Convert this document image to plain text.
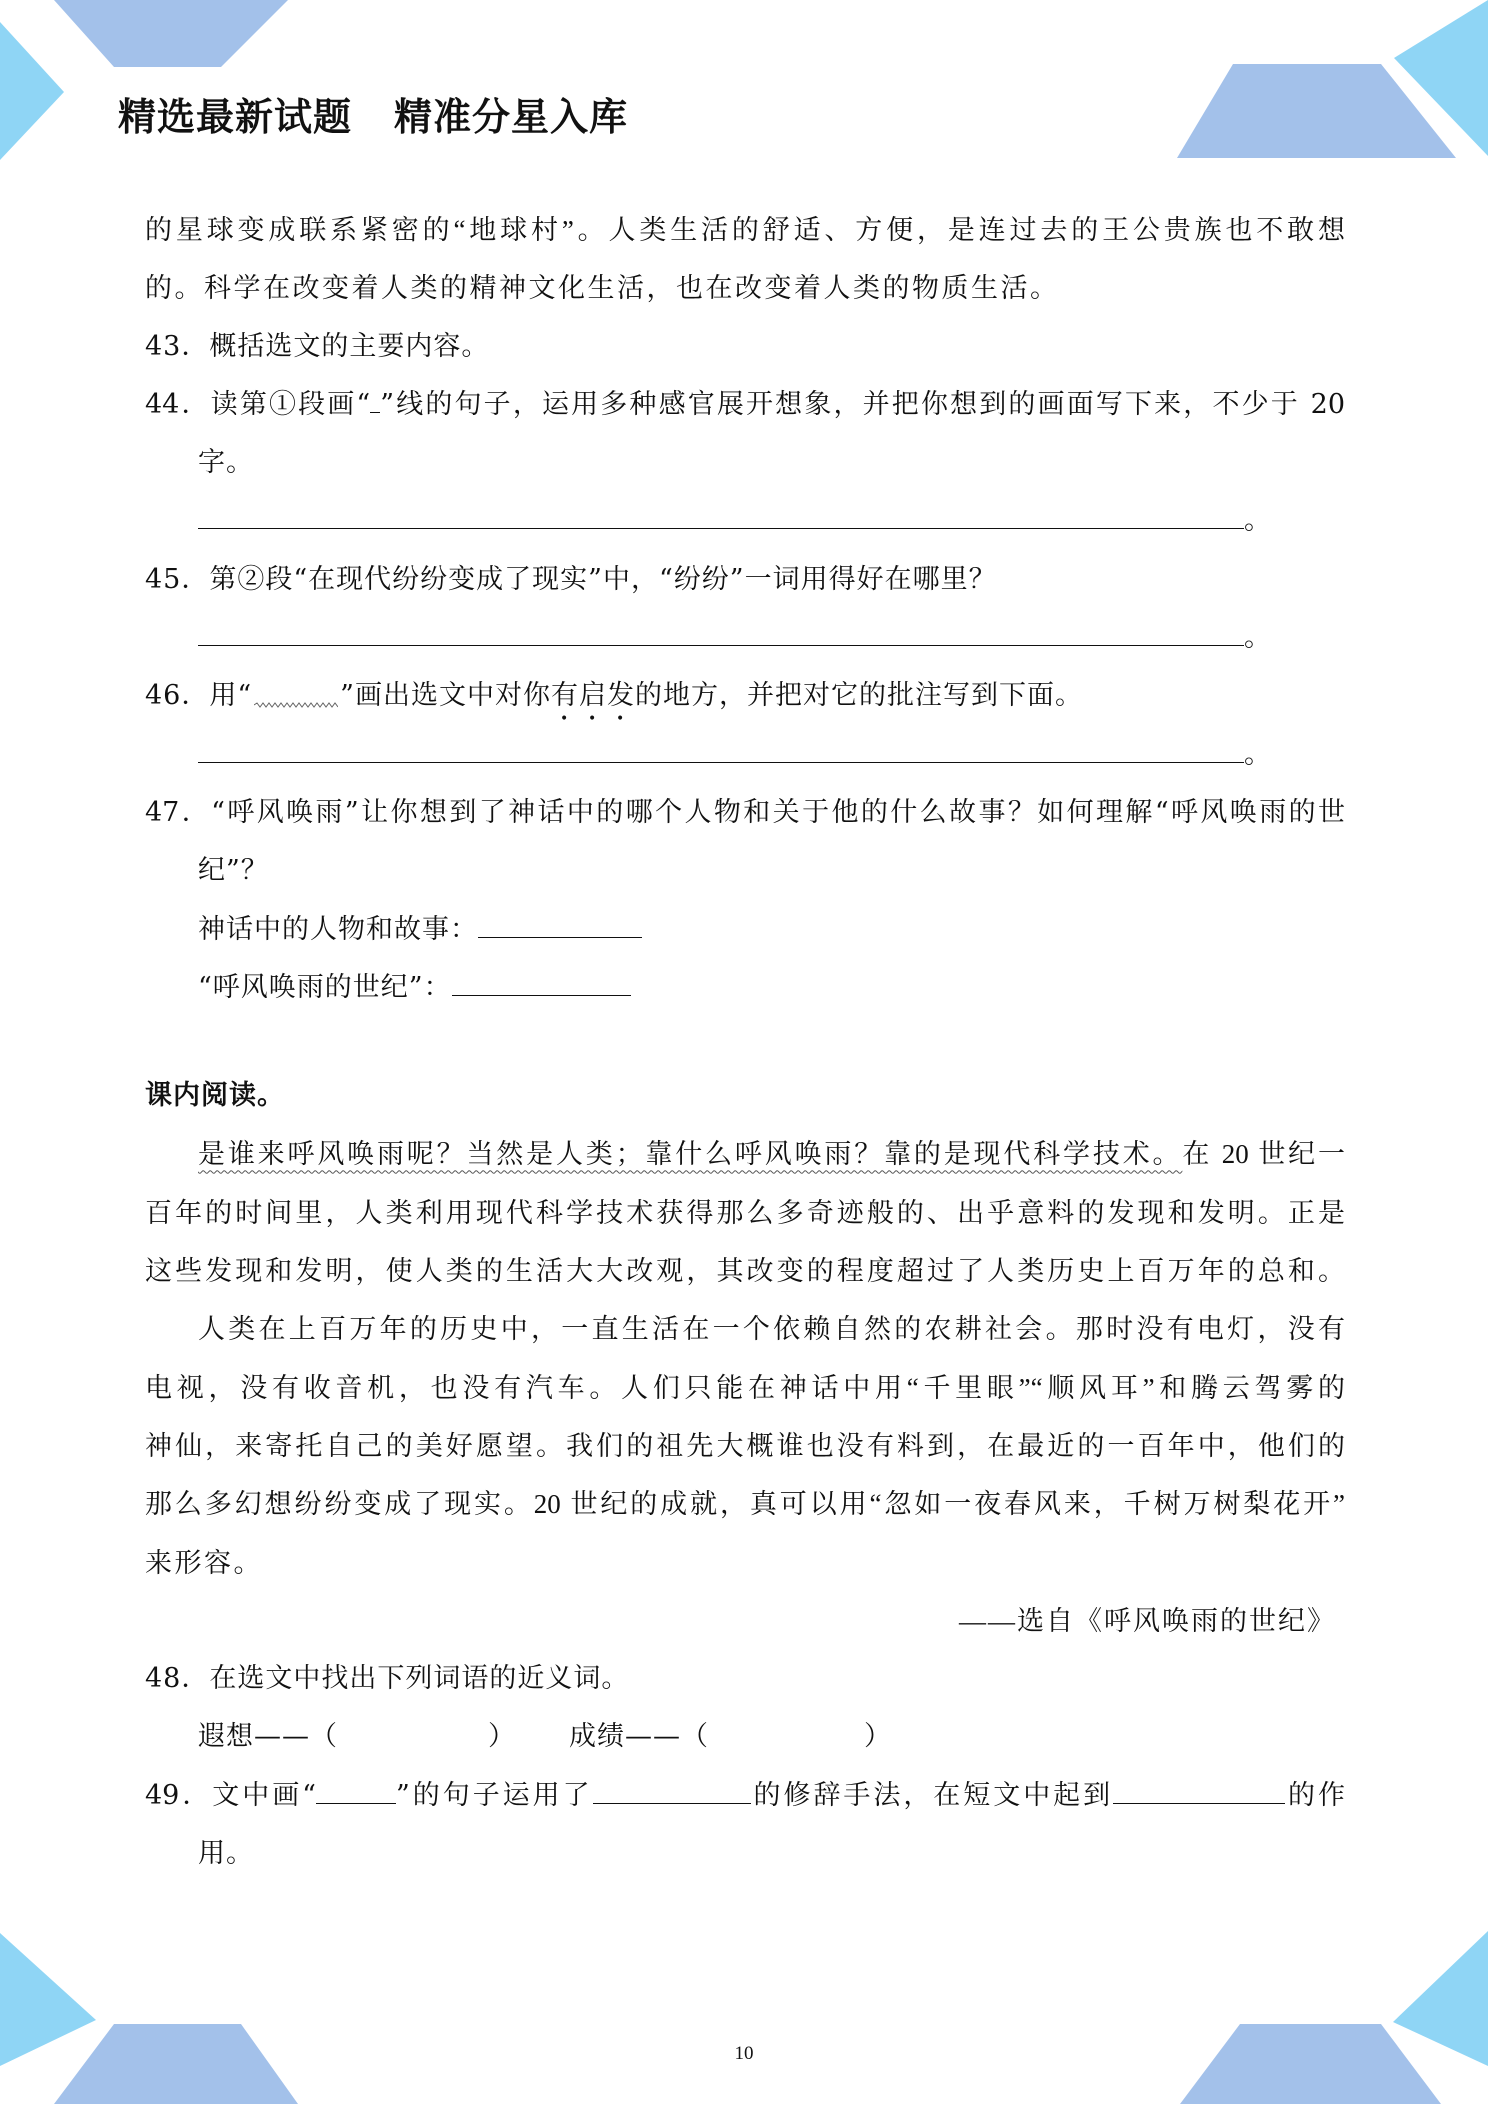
精选最新试题 精准分星入库
的星球变成联系紧密的“地球村”。人类生活的舒适、方便，是连过去的王公贵族也不敢想
的。科学在改变着人类的精神文化生活，也在改变着人类的物质生活。
43．概括选文的主要内容。
44．读第①段画“ ”线的句子，运用多种感官展开想象，并把你想到的画面写下来，不少于 20
字。
。
45．第②段“在现代纷纷变成了现实”中，“纷纷”一词用得好在哪里？
。
46．用“	”画出选文中对你有启发的地方，并把对它的批注写到下面。
。
47．“呼风唤雨”让你想到了神话中的哪个人物和关于他的什么故事？如何理解“呼风唤雨的世
纪”？
神话中的人物和故事：
“呼风唤雨的世纪”：
课内阅读。
是谁来呼风唤雨呢？当然是人类；靠什么呼风唤雨？靠的是现代科学技术。在 20 世纪一
百年的时间里，人类利用现代科学技术获得那么多奇迹般的、出乎意料的发现和发明。正是
这些发现和发明，使人类的生活大大改观，其改变的程度超过了人类历史上百万年的总和。
人类在上百万年的历史中，一直生活在一个依赖自然的农耕社会。那时没有电灯，没有
电视，没有收音机，也没有汽车。人们只能在神话中用“千里眼”“顺风耳”和腾云驾雾的
神仙，来寄托自己的美好愿望。我们的祖先大概谁也没有料到，在最近的一百年中，他们的
那么多幻想纷纷变成了现实。20 世纪的成就，真可以用“忽如一夜春风来，千树万树梨花开”
来形容。
——选自《呼风唤雨的世纪》
48．在选文中找出下列词语的近义词。
遐想——（	） 成绩——（	）
49．文中画“	”的句子运用了	的修辞手法，在短文中起到	的作
用。
10
